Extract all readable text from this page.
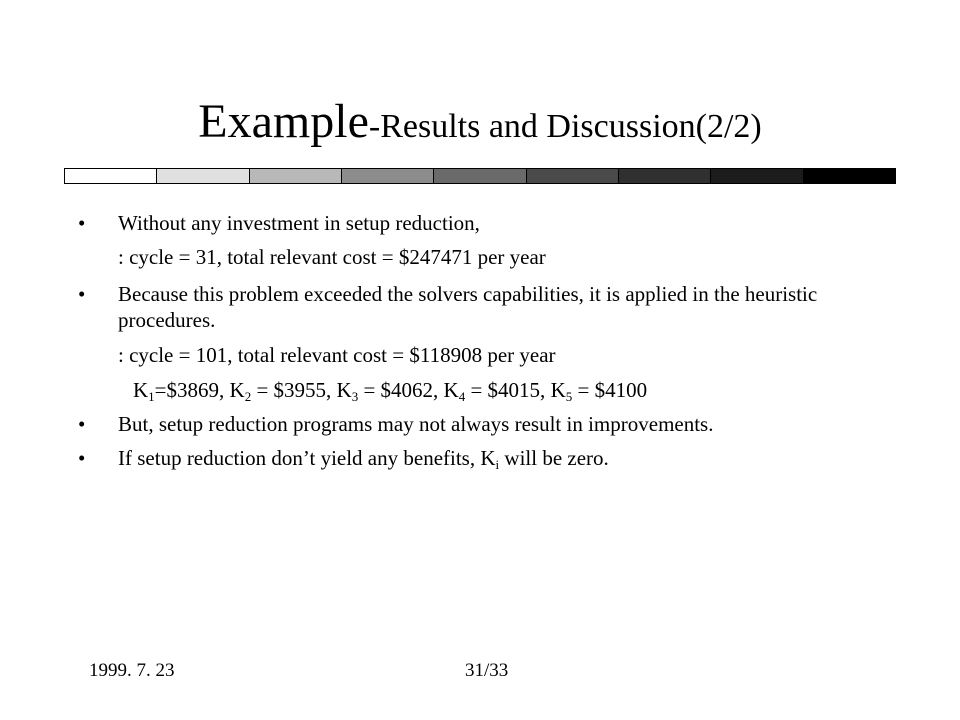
Example-Results and Discussion(2/2)
• Without any investment in setup reduction,
: cycle = 31, total relevant cost = $247471 per year
• Because this problem exceeded the solvers capabilities, it is applied in the heuristic procedures.
: cycle = 101, total relevant cost = $118908 per year
$K_1=\$3869$, $K_2$ = $3955, $K_3$ = $4062, $K_4$ = $4015, $K_5$ = $4100
• But, setup reduction programs may not always result in improvements.
• If setup reduction don’t yield any benefits, $K_i$ will be zero.
1999. 7. 23	31/33
